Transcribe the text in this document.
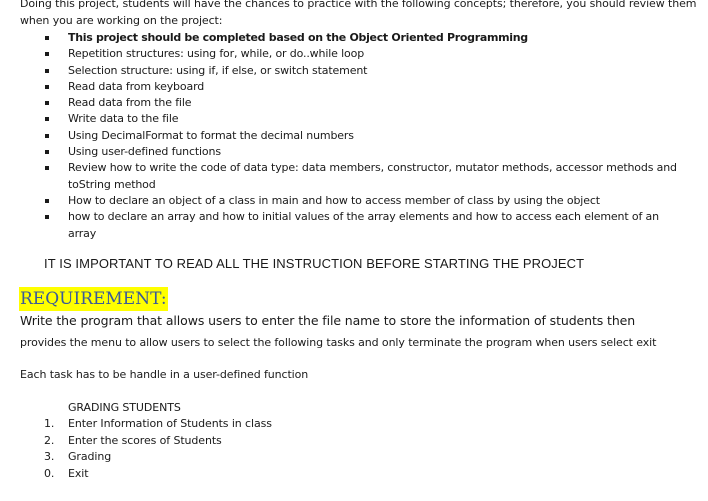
Doing this project, students will have the chances to practice with the following concepts; therefore, you should review them when you are working on the project:
This project should be completed based on the Object Oriented Programming
Repetition structures: using for, while, or do..while loop
Selection structure: using if, if else, or switch statement
Read data from keyboard
Read data from the file
Write data to the file
Using DecimalFormat to format the decimal numbers
Using user-defined functions
Review how to write the code of data type: data members, constructor, mutator methods, accessor methods and toString method
How to declare an object of a class in main and how to access member of class by using the object
how to declare an array and how to initial values of the array elements and how to access each element of an array
IT IS IMPORTANT TO READ ALL THE INSTRUCTION BEFORE STARTING THE PROJECT
REQUIREMENT:
Write the program that allows users to enter the file name to store the information of students then
provides the menu to allow users to select the following tasks and only terminate the program when users select exit
Each task has to be handle in a user-defined function
GRADING STUDENTS
1. Enter Information of Students in class
2. Enter the scores of Students
3. Grading
0. Exit
